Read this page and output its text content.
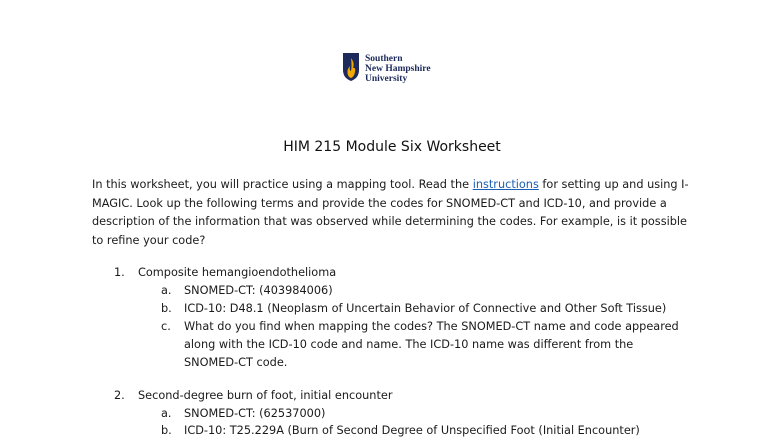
Southern
New Hampshire
University
HIM 215 Module Six Worksheet
In this worksheet, you will practice using a mapping tool. Read the instructions for setting up and using I-MAGIC. Look up the following terms and provide the codes for SNOMED-CT and ICD-10, and provide a description of the information that was observed while determining the codes. For example, is it possible to refine your code?
1. Composite hemangioendothelioma
a. SNOMED-CT: (403984006)
b. ICD-10: D48.1 (Neoplasm of Uncertain Behavior of Connective and Other Soft Tissue)
c. What do you find when mapping the codes? The SNOMED-CT name and code appeared along with the ICD-10 code and name. The ICD-10 name was different from the SNOMED-CT code.
2. Second-degree burn of foot, initial encounter
a. SNOMED-CT: (62537000)
b. ICD-10: T25.229A (Burn of Second Degree of Unspecified Foot (Initial Encounter)
